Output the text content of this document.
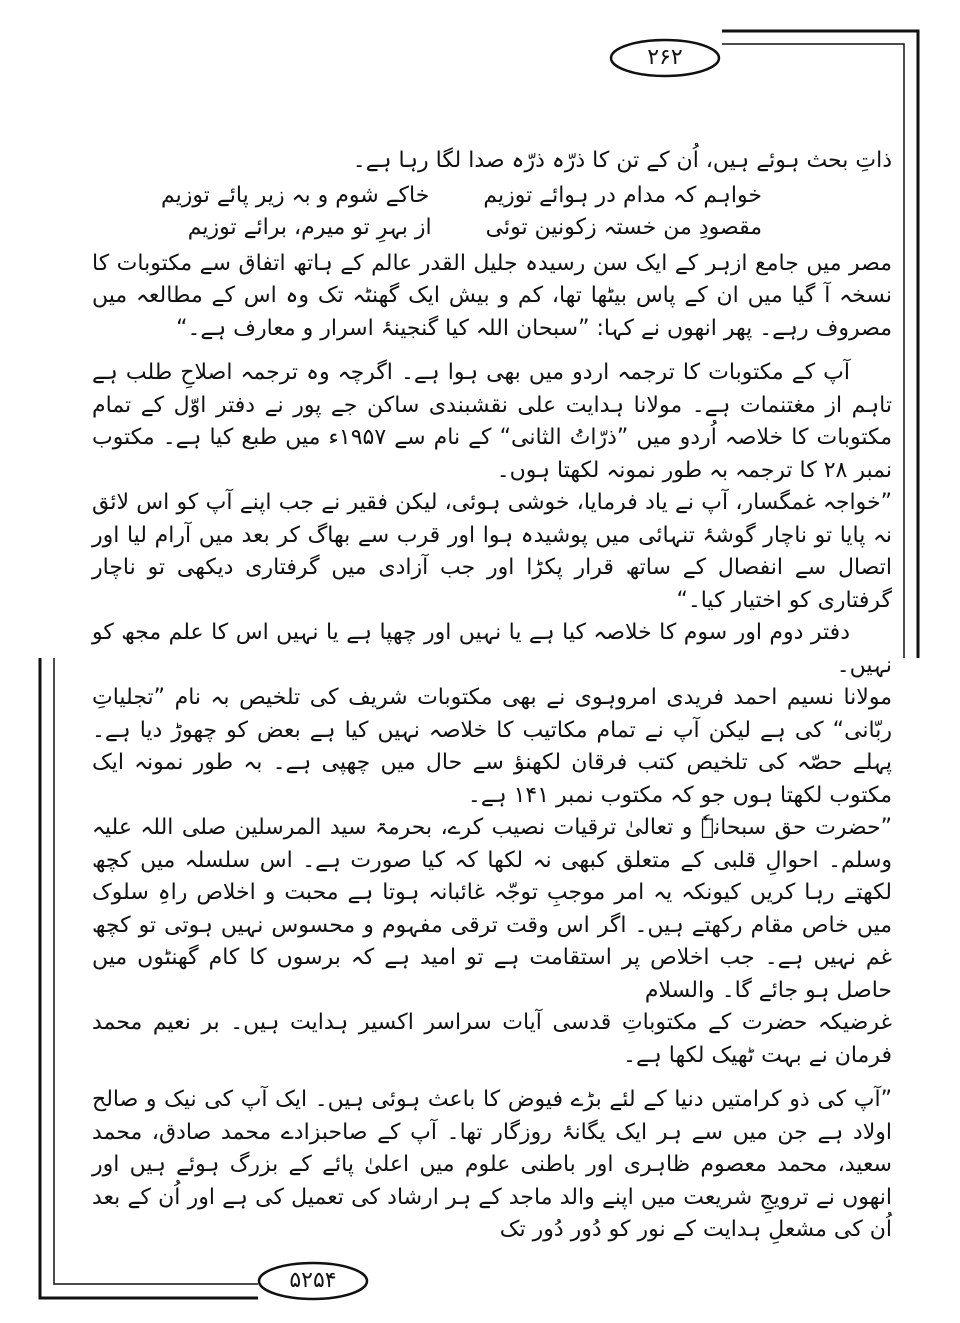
۲۶۲
۵۲۵۴

ذاتِ بحث ہوئے ہیں، اُن کے تن کا ذرّہ ذرّہ صدا لگا رہا ہے۔

خواہم کہ مدام در ہوائے توزیم
خاکے شوم و بہ زیر پائے توزیم
مقصودِ من خستہ زکونین توئی
از بہرِ تو میرم، برائے توزیم

مصر میں جامع ازہر کے ایک سن رسیدہ جلیل القدر عالم کے ہاتھ اتفاق سے مکتوبات کا نسخہ آ گیا میں ان کے پاس بیٹھا تھا، کم و بیش ایک گھنٹہ تک وہ اس کے مطالعہ میں مصروف رہے۔ پھر انھوں نے کہا: ”سبحان اللہ کیا گنجینۂ اسرار و معارف ہے۔“

آپ کے مکتوبات کا ترجمہ اردو میں بھی ہوا ہے۔ اگرچہ وہ ترجمہ اصلاحِ طلب ہے تاہم از مغتنمات ہے۔ مولانا ہدایت علی نقشبندی ساکن جے پور نے دفتر اوّل کے تمام مکتوبات کا خلاصہ اُردو میں ”ذرّاتُ الثانی“ کے نام سے ۱۹۵۷ء میں طبع کیا ہے۔ مکتوب نمبر ۲۸ کا ترجمہ بہ طور نمونہ لکھتا ہوں۔

”خواجہ غمگسار، آپ نے یاد فرمایا، خوشی ہوئی، لیکن فقیر نے جب اپنے آپ کو اس لائق نہ پایا تو ناچار گوشۂ تنہائی میں پوشیدہ ہوا اور قرب سے بھاگ کر بعد میں آرام لیا اور اتصال سے انفصال کے ساتھ قرار پکڑا اور جب آزادی میں گرفتاری دیکھی تو ناچار گرفتاری کو اختیار کیا۔“

دفتر دوم اور سوم کا خلاصہ کیا ہے یا نہیں اور چھپا ہے یا نہیں اس کا علم مجھ کو نہیں۔

مولانا نسیم احمد فریدی امروہوی نے بھی مکتوبات شریف کی تلخیص بہ نام ”تجلیاتِ ربّانی“ کی ہے لیکن آپ نے تمام مکاتیب کا خلاصہ نہیں کیا ہے بعض کو چھوڑ دیا ہے۔ پہلے حصّہ کی تلخیص کتب فرقان لکھنؤ سے حال میں چھپی ہے۔ بہ طور نمونہ ایک مکتوب لکھتا ہوں جو کہ مکتوب نمبر ۱۴۱ ہے۔

”حضرت حق سبحانہٗ و تعالیٰ ترقیات نصیب کرے، بحرمۃ سید المرسلین صلی اللہ علیہ وسلم۔ احوالِ قلبی کے متعلق کبھی نہ لکھا کہ کیا صورت ہے۔ اس سلسلہ میں کچھ لکھتے رہا کریں کیونکہ یہ امر موجبِ توجّہ غائبانہ ہوتا ہے محبت و اخلاص راہِ سلوک میں خاص مقام رکھتے ہیں۔ اگر اس وقت ترقی مفہوم و محسوس نہیں ہوتی تو کچھ غم نہیں ہے۔ جب اخلاص پر استقامت ہے تو امید ہے کہ برسوں کا کام گھنٹوں میں حاصل ہو جائے گا۔ والسلام

غرضیکہ حضرت کے مکتوباتِ قدسی آیات سراسر اکسیر ہدایت ہیں۔ بر نعیم محمد فرمان نے بہت ٹھیک لکھا ہے۔

”آپ کی ذو کرامتیں دنیا کے لئے بڑے فیوض کا باعث ہوئی ہیں۔ ایک آپ کی نیک و صالح اولاد ہے جن میں سے ہر ایک یگانۂ روزگار تھا۔ آپ کے صاحبزادے محمد صادق، محمد سعید، محمد معصوم ظاہری اور باطنی علوم میں اعلیٰ پائے کے بزرگ ہوئے ہیں اور انھوں نے ترویجِ شریعت میں اپنے والد ماجد کے ہر ارشاد کی تعمیل کی ہے اور اُن کے بعد اُن کی مشعلِ ہدایت کے نور کو دُور دُور تک
